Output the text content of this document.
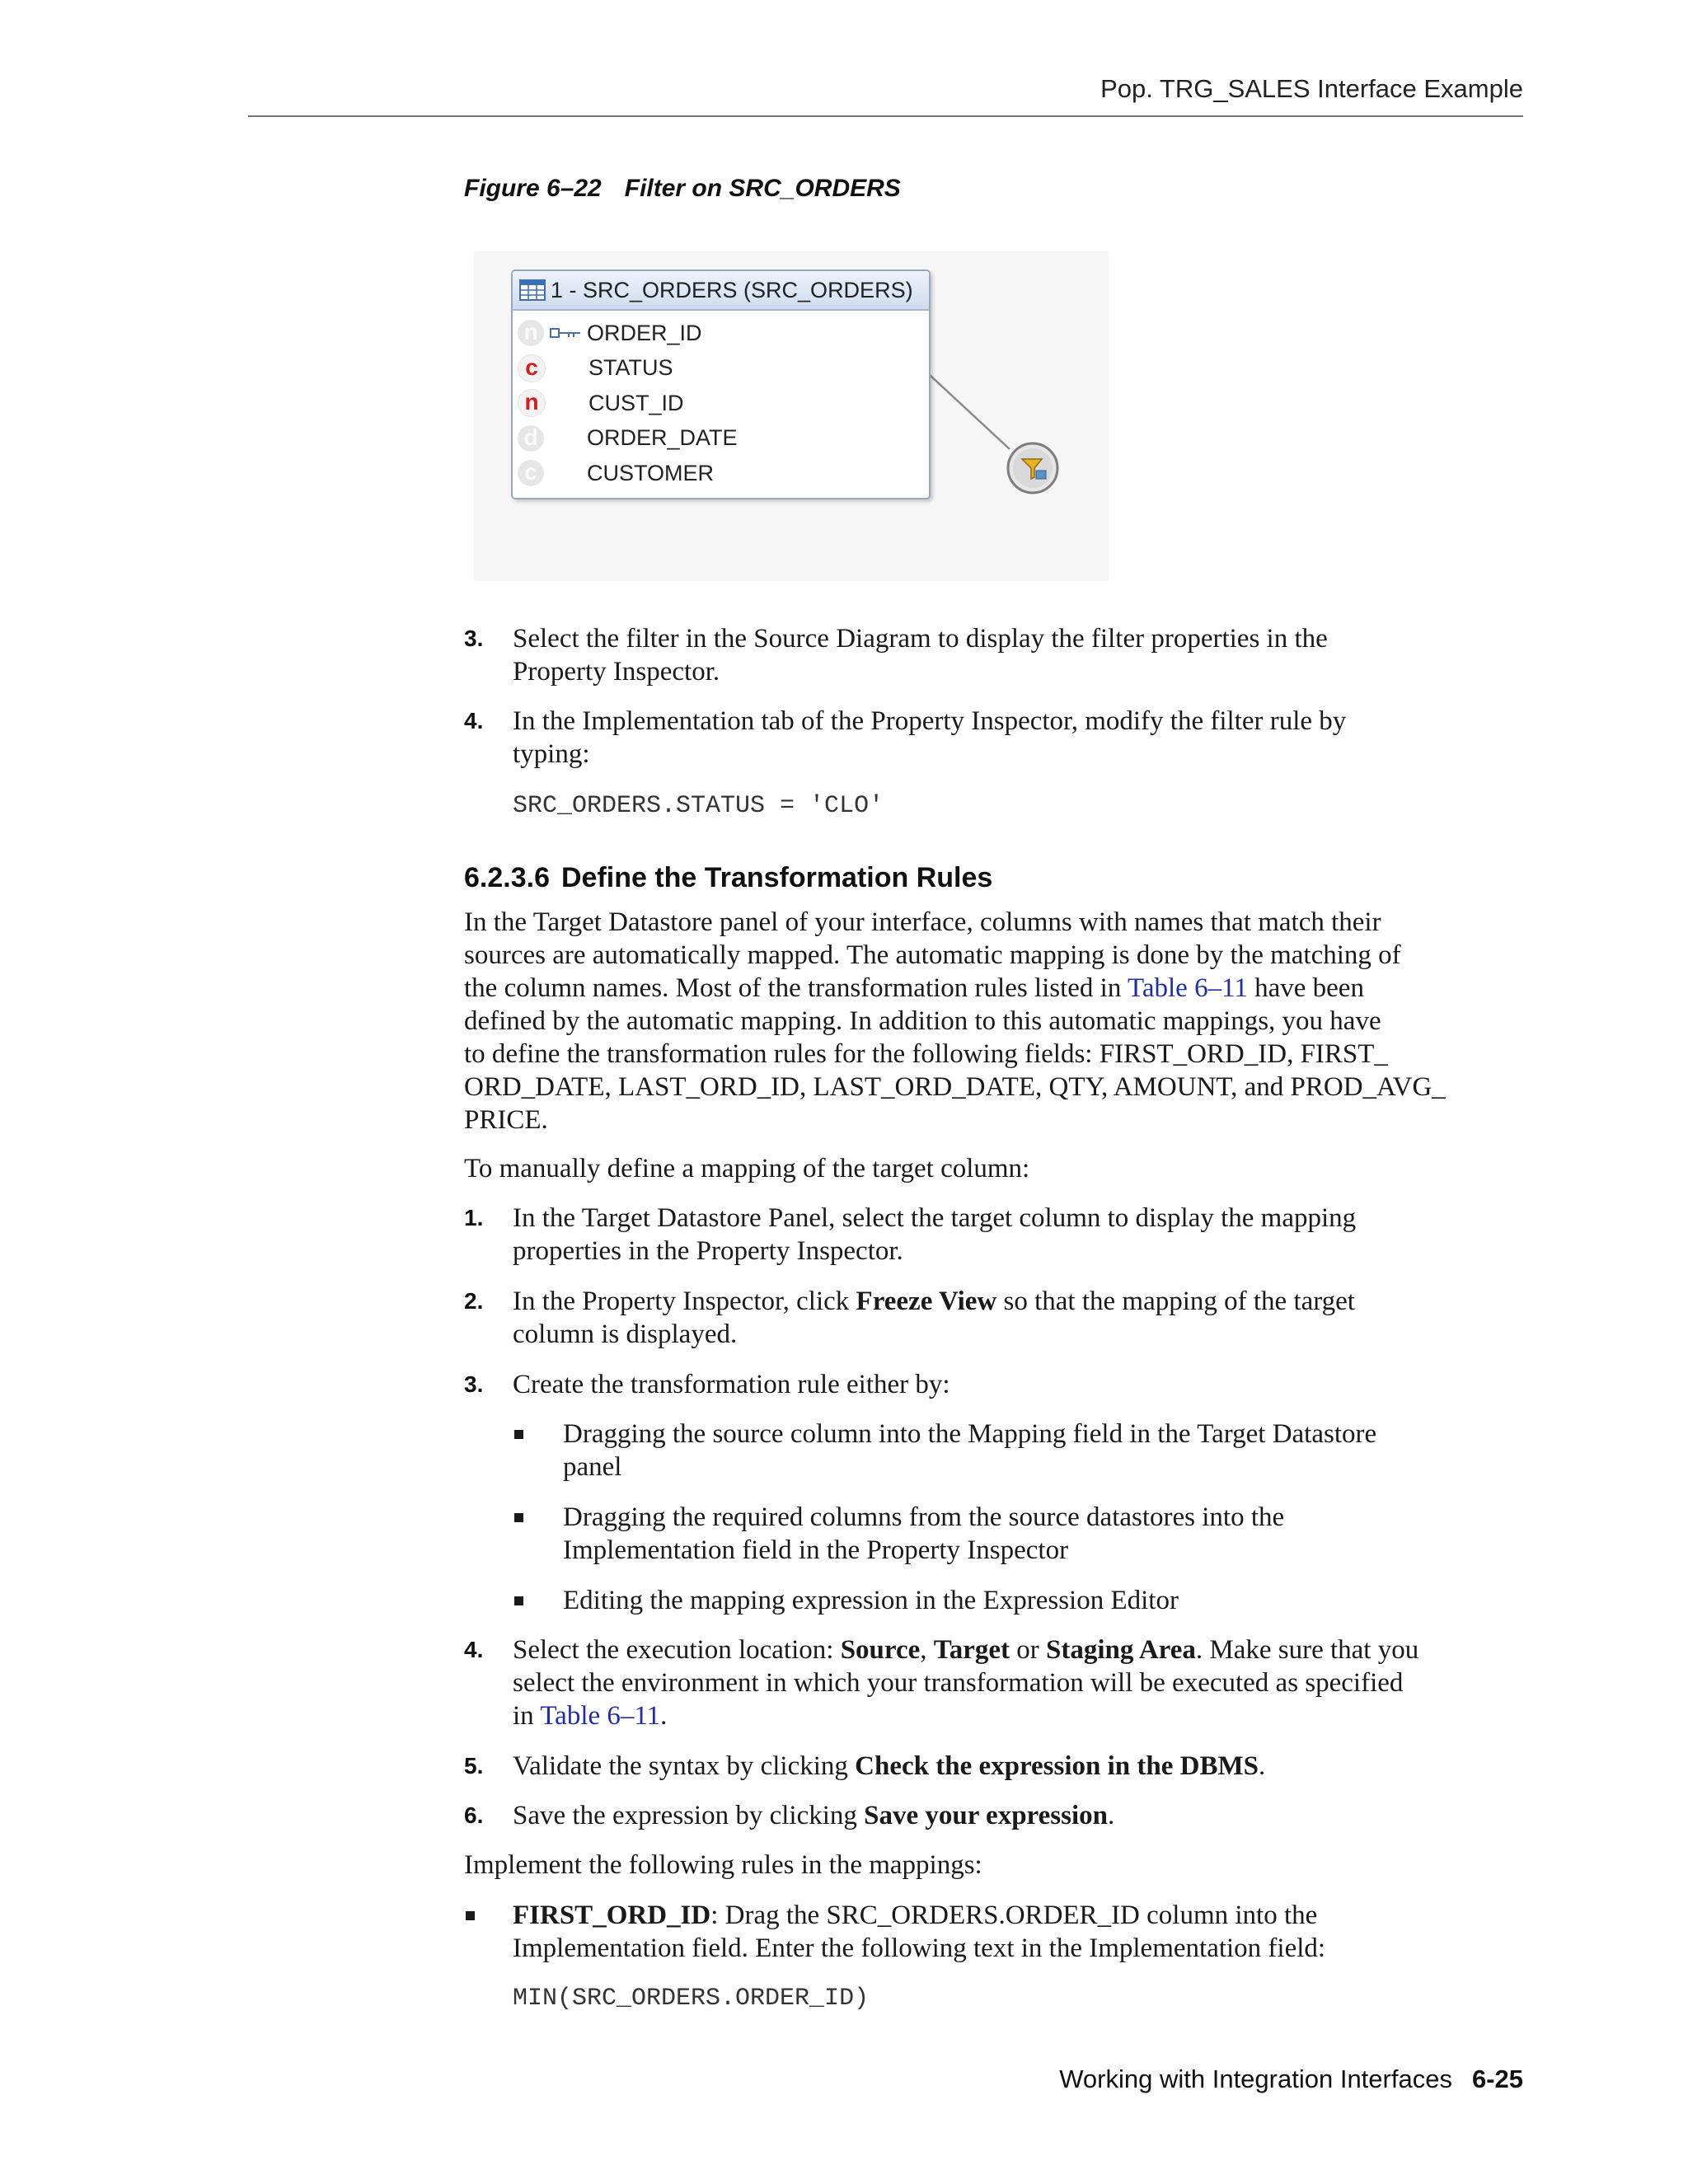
Pop. TRG_SALES Interface Example
Figure 6–22 Filter on SRC_ORDERS
1 - SRC_ORDERS (SRC_ORDERS)
n ORDER_ID
c	STATUS
n	CUST_ID
d ORDER_DATE
c	CUSTOMER
3. Select the filter in the Source Diagram to display the filter properties in the
Property Inspector.
4. In the Implementation tab of the Property Inspector, modify the filter rule by
typing:
SRC_ORDERS.STATUS = 'CLO'
6.2.3.6 Define the Transformation Rules
In the Target Datastore panel of your interface, columns with names that match their
sources are automatically mapped. The automatic mapping is done by the matching of
the column names. Most of the transformation rules listed in Table 6–11 have been
defined by the automatic mapping. In addition to this automatic mappings, you have
to define the transformation rules for the following fields: FIRST_ORD_ID, FIRST_
ORD_DATE, LAST_ORD_ID, LAST_ORD_DATE, QTY, AMOUNT, and PROD_AVG_
PRICE.
To manually define a mapping of the target column:
1. In the Target Datastore Panel, select the target column to display the mapping
properties in the Property Inspector.
2. In the Property Inspector, click Freeze View so that the mapping of the target
column is displayed.
3. Create the transformation rule either by:
Dragging the source column into the Mapping field in the Target Datastore
panel
Dragging the required columns from the source datastores into the
Implementation field in the Property Inspector
Editing the mapping expression in the Expression Editor
4. Select the execution location: Source, Target or Staging Area. Make sure that you
select the environment in which your transformation will be executed as specified
in Table 6–11.
5. Validate the syntax by clicking Check the expression in the DBMS.
6. Save the expression by clicking Save your expression.
Implement the following rules in the mappings:
FIRST_ORD_ID: Drag the SRC_ORDERS.ORDER_ID column into the
Implementation field. Enter the following text in the Implementation field:
MIN(SRC_ORDERS.ORDER_ID)
Working with Integration Interfaces 6-25
